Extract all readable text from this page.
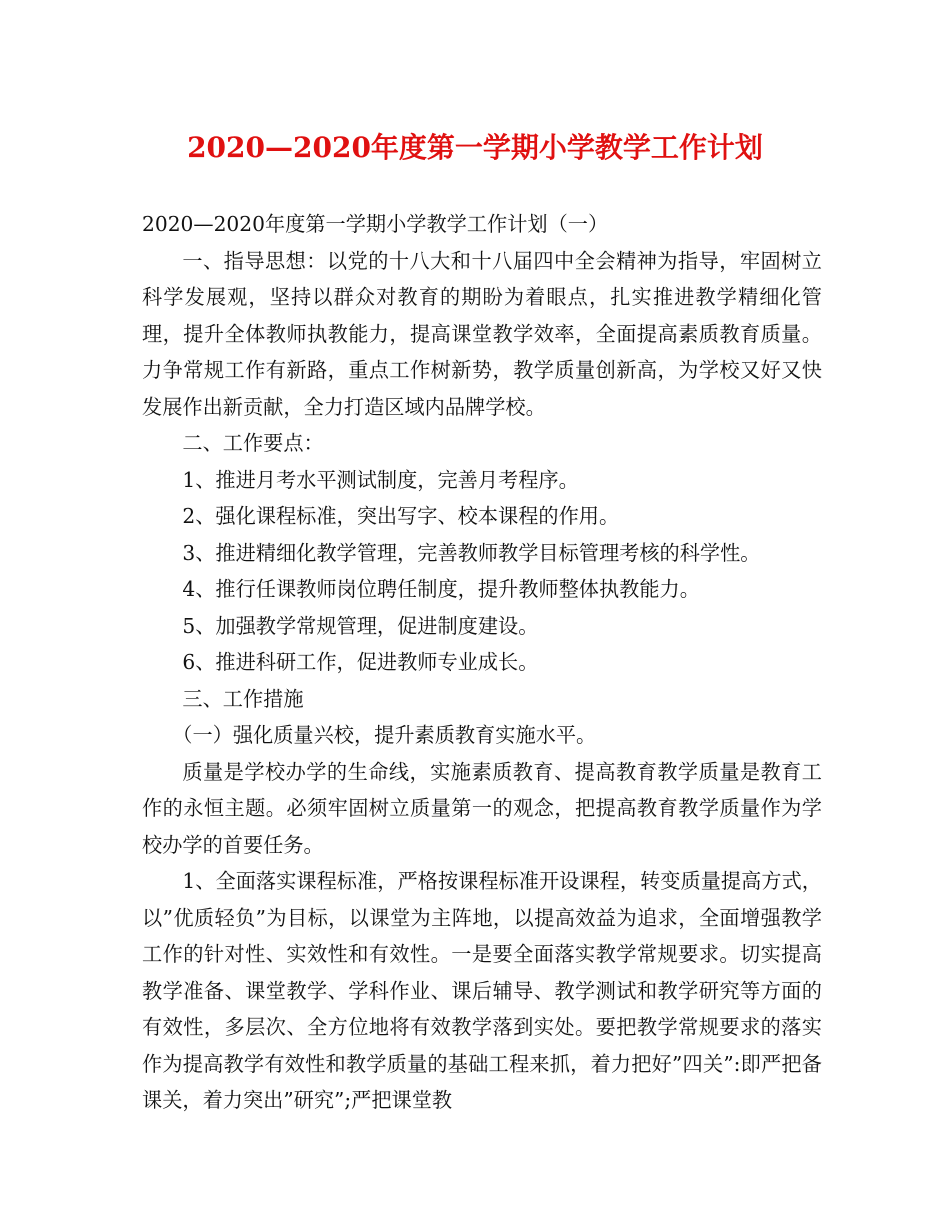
2020—2020年度第一学期小学教学工作计划

2020—2020年度第一学期小学教学工作计划（一）

一、指导思想：以党的十八大和十八届四中全会精神为指导，牢固树立科学发展观，坚持以群众对教育的期盼为着眼点，扎实推进教学精细化管理，提升全体教师执教能力，提高课堂教学效率，全面提高素质教育质量。力争常规工作有新路，重点工作树新势，教学质量创新高，为学校又好又快发展作出新贡献，全力打造区域内品牌学校。

二、工作要点：

1、推进月考水平测试制度，完善月考程序。

2、强化课程标准，突出写字、校本课程的作用。

3、推进精细化教学管理，完善教师教学目标管理考核的科学性。

4、推行任课教师岗位聘任制度，提升教师整体执教能力。

5、加强教学常规管理，促进制度建设。

6、推进科研工作，促进教师专业成长。

三、工作措施

（一）强化质量兴校，提升素质教育实施水平。

质量是学校办学的生命线，实施素质教育、提高教育教学质量是教育工作的永恒主题。必须牢固树立质量第一的观念，把提高教育教学质量作为学校办学的首要任务。

1、全面落实课程标准，严格按课程标准开设课程，转变质量提高方式，以”优质轻负”为目标，以课堂为主阵地，以提高效益为追求，全面增强教学工作的针对性、实效性和有效性。一是要全面落实教学常规要求。切实提高教学准备、课堂教学、学科作业、课后辅导、教学测试和教学研究等方面的有效性，多层次、全方位地将有效教学落到实处。要把教学常规要求的落实作为提高教学有效性和教学质量的基础工程来抓，着力把好”四关”:即严把备课关，着力突出”研究”;严把课堂教
